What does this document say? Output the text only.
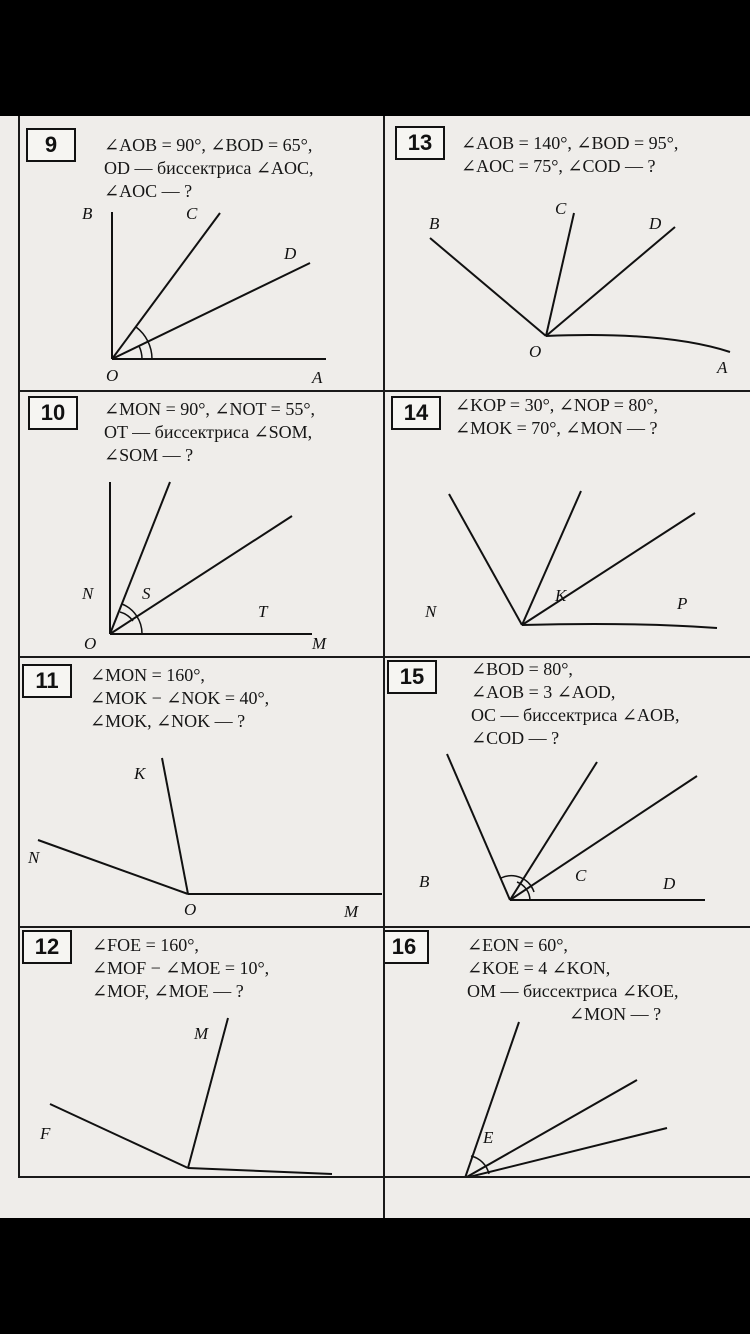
9	∠AOB = 90°, ∠BOD = 65°,
OD — биссектриса ∠AOC,
∠AOC — ?
B	C
D
O	A
13	∠AOB = 140°, ∠BOD = 95°,
∠AOC = 75°, ∠COD — ?
B
C
D
O
A
10	∠MON = 90°, ∠NOT = 55°,
OT — биссектриса ∠SOM,
∠SOM — ?
N	S
T
O	M
14	∠KOP = 30°, ∠NOP = 80°,
∠MOK = 70°, ∠MON — ?
N
K	P
11	∠MON = 160°,
∠MOK − ∠NOK = 40°,
∠MOK, ∠NOK — ?
K
N
O	M
15	∠BOD = 80°,
∠AOB = 3 ∠AOD,
OC — биссектриса ∠AOB,
∠COD — ?
B	C	D
12	∠FOE = 160°,
∠MOF − ∠MOE = 10°,
∠MOF, ∠MOE — ?
M
F
16	∠EON = 60°,
∠KOE = 4 ∠KON,
OM — биссектриса ∠KOE,
∠MON — ?
E
